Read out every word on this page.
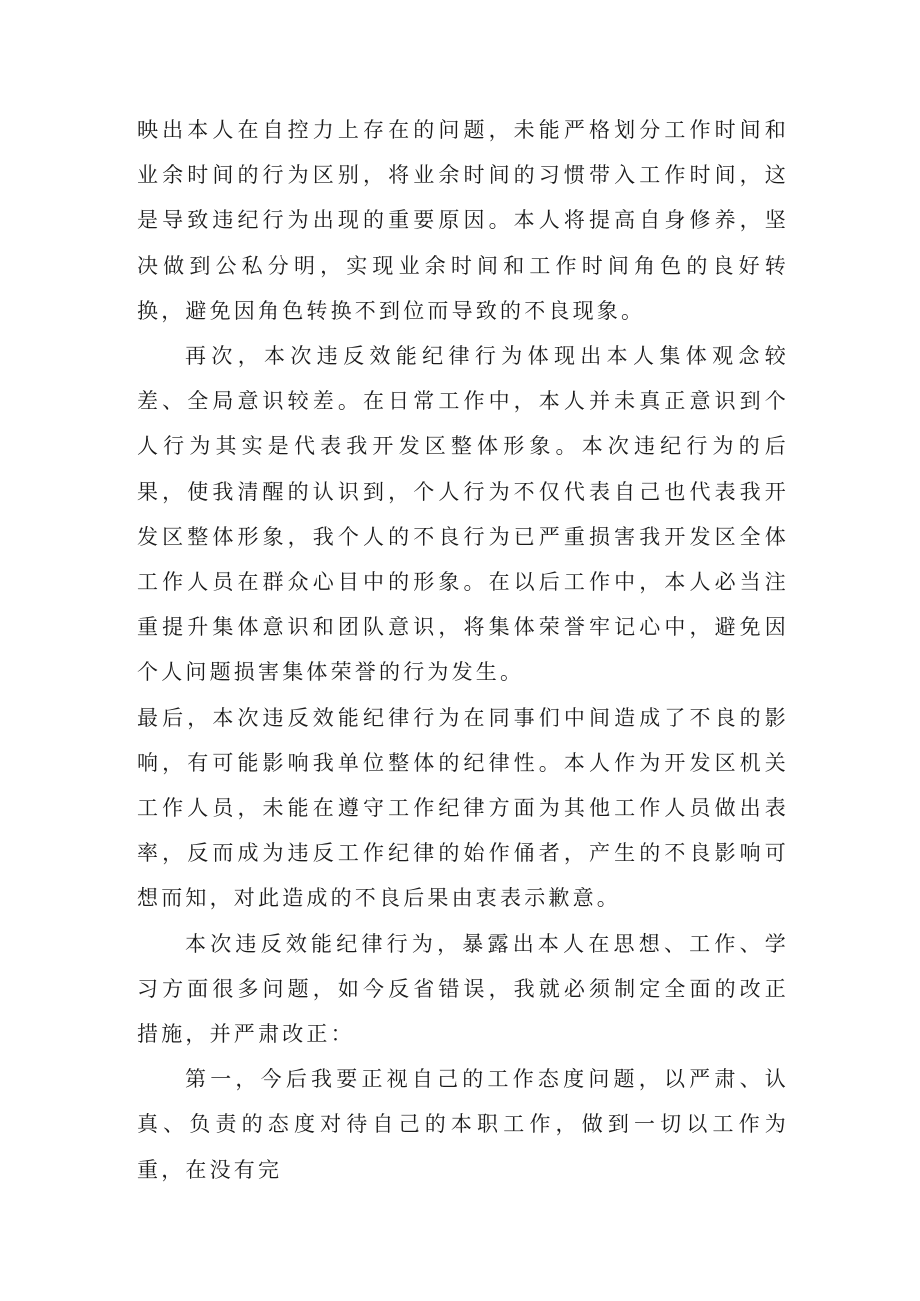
映出本人在自控力上存在的问题，未能严格划分工作时间和业余时间的行为区别，将业余时间的习惯带入工作时间，这是导致违纪行为出现的重要原因。本人将提高自身修养，坚决做到公私分明，实现业余时间和工作时间角色的良好转换，避免因角色转换不到位而导致的不良现象。

再次，本次违反效能纪律行为体现出本人集体观念较差、全局意识较差。在日常工作中，本人并未真正意识到个人行为其实是代表我开发区整体形象。本次违纪行为的后果，使我清醒的认识到，个人行为不仅代表自己也代表我开发区整体形象，我个人的不良行为已严重损害我开发区全体工作人员在群众心目中的形象。在以后工作中，本人必当注重提升集体意识和团队意识，将集体荣誉牢记心中，避免因个人问题损害集体荣誉的行为发生。

最后，本次违反效能纪律行为在同事们中间造成了不良的影响，有可能影响我单位整体的纪律性。本人作为开发区机关工作人员，未能在遵守工作纪律方面为其他工作人员做出表率，反而成为违反工作纪律的始作俑者，产生的不良影响可想而知，对此造成的不良后果由衷表示歉意。

本次违反效能纪律行为，暴露出本人在思想、工作、学习方面很多问题，如今反省错误，我就必须制定全面的改正措施，并严肃改正：

第一，今后我要正视自己的工作态度问题，以严肃、认真、负责的态度对待自己的本职工作，做到一切以工作为重，在没有完
